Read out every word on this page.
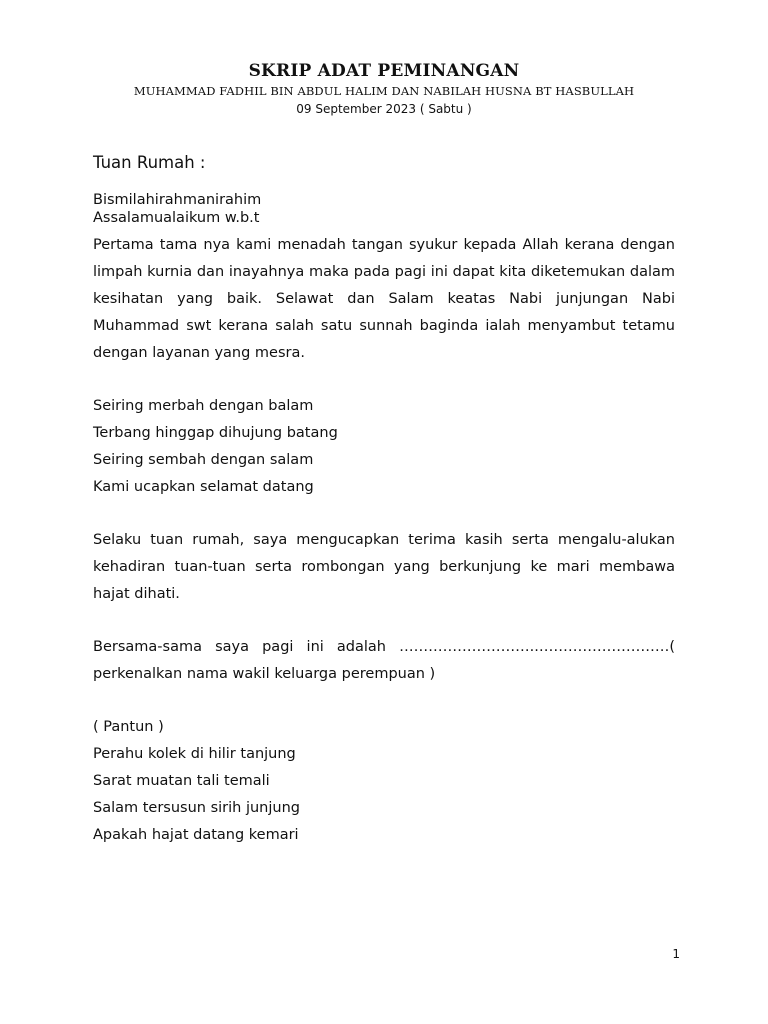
SKRIP ADAT PEMINANGAN
MUHAMMAD FADHIL BIN ABDUL HALIM DAN NABILAH HUSNA BT HASBULLAH
09 September 2023 ( Sabtu )
Tuan Rumah :
Bismilahirahmanirahim
Assalamualaikum w.b.t
Pertama tama nya kami menadah tangan syukur kepada Allah kerana dengan limpah kurnia dan inayahnya maka pada pagi ini dapat kita diketemukan dalam kesihatan yang baik. Selawat dan Salam keatas Nabi junjungan Nabi Muhammad swt kerana salah satu sunnah baginda ialah menyambut tetamu dengan layanan yang mesra.
Seiring merbah dengan balam
Terbang hinggap dihujung batang
Seiring sembah dengan salam
Kami ucapkan selamat datang
Selaku tuan rumah, saya mengucapkan terima kasih serta mengalu-alukan kehadiran tuan-tuan serta rombongan yang berkunjung ke mari membawa hajat dihati.
Bersama-sama saya pagi ini adalah ………………………..………………………( perkenalkan nama wakil keluarga perempuan )
( Pantun )
Perahu kolek di hilir tanjung
Sarat muatan tali temali
Salam tersusun sirih junjung
Apakah hajat datang kemari
1
